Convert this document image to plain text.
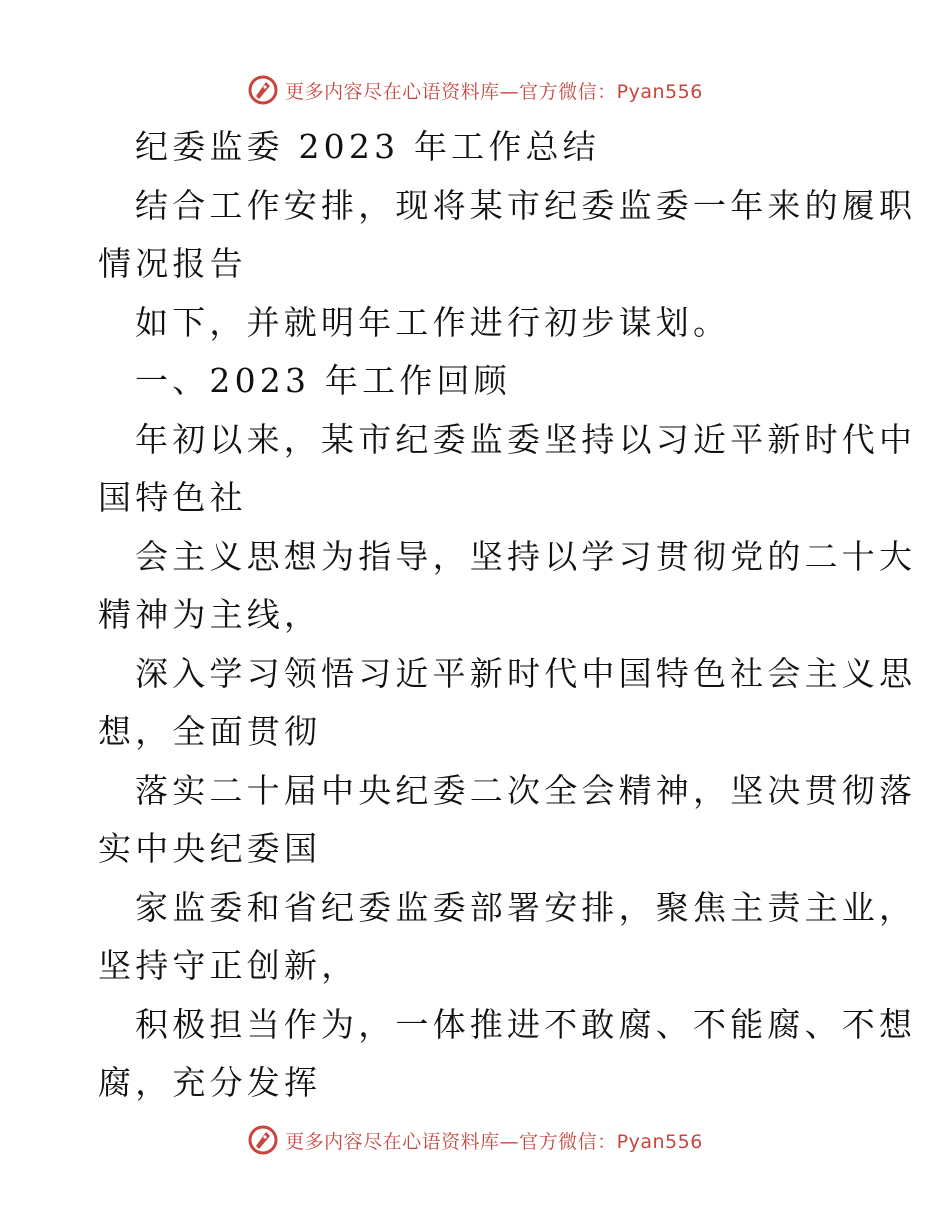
更多内容尽在心语资料库—官方微信：Pyan556
纪委监委 2023 年工作总结
结合工作安排，现将某市纪委监委一年来的履职
情况报告
如下，并就明年工作进行初步谋划。
一、2023 年工作回顾
年初以来，某市纪委监委坚持以习近平新时代中
国特色社
会主义思想为指导，坚持以学习贯彻党的二十大
精神为主线，
深入学习领悟习近平新时代中国特色社会主义思
想，全面贯彻
落实二十届中央纪委二次全会精神，坚决贯彻落
实中央纪委国
家监委和省纪委监委部署安排，聚焦主责主业，
坚持守正创新，
积极担当作为，一体推进不敢腐、不能腐、不想
腐，充分发挥
更多内容尽在心语资料库—官方微信：Pyan556
